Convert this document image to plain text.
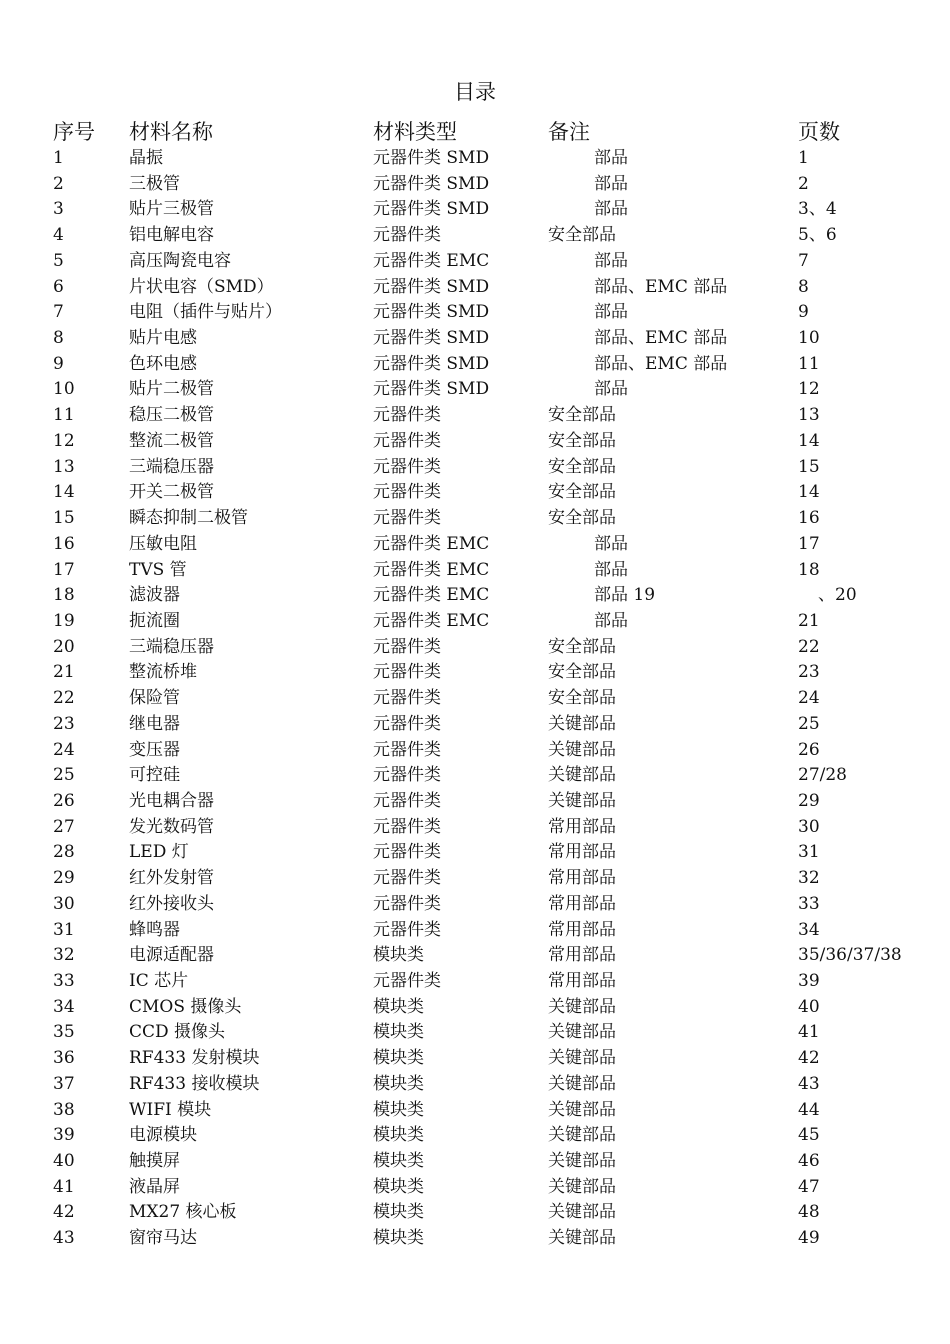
目录
序号 材料名称	材料类型	备注	页数
1	晶振	元器件类 SMD	部品	1
2	三极管	元器件类 SMD	部品	2
3	贴片三极管	元器件类 SMD	部品	3、4
4	铝电解电容	元器件类	安全部品	5、6
5	高压陶瓷电容	元器件类 EMC	部品	7
6	片状电容（SMD）	元器件类 SMD	部品、EMC 部品	8
7	电阻（插件与贴片）	元器件类 SMD	部品	9
8	贴片电感	元器件类 SMD	部品、EMC 部品	10
9	色环电感	元器件类 SMD	部品、EMC 部品	11
10	贴片二极管	元器件类 SMD	部品	12
11	稳压二极管	元器件类	安全部品	13
12	整流二极管	元器件类	安全部品	14
13	三端稳压器	元器件类	安全部品	15
14	开关二极管	元器件类	安全部品	14
15	瞬态抑制二极管	元器件类	安全部品	16
16	压敏电阻	元器件类 EMC	部品	17
17	TVS 管	元器件类 EMC	部品	18
18	滤波器	元器件类 EMC	部品 19	、20
19	扼流圈	元器件类 EMC	部品	21
20	三端稳压器	元器件类	安全部品	22
21	整流桥堆	元器件类	安全部品	23
22	保险管	元器件类	安全部品	24
23	继电器	元器件类	关键部品	25
24	变压器	元器件类	关键部品	26
25	可控硅	元器件类	关键部品	27/28
26	光电耦合器	元器件类	关键部品	29
27	发光数码管	元器件类	常用部品	30
28	LED 灯	元器件类	常用部品	31
29	红外发射管	元器件类	常用部品	32
30	红外接收头	元器件类	常用部品	33
31	蜂鸣器	元器件类	常用部品	34
32	电源适配器	模块类	常用部品	35/36/37/38
33	IC 芯片	元器件类	常用部品	39
34	CMOS 摄像头	模块类	关键部品	40
35	CCD 摄像头	模块类	关键部品	41
36	RF433 发射模块	模块类	关键部品	42
37	RF433 接收模块	模块类	关键部品	43
38	WIFI 模块	模块类	关键部品	44
39	电源模块	模块类	关键部品	45
40	触摸屏	模块类	关键部品	46
41	液晶屏	模块类	关键部品	47
42	MX27 核心板	模块类	关键部品	48
43	窗帘马达	模块类	关键部品	49
